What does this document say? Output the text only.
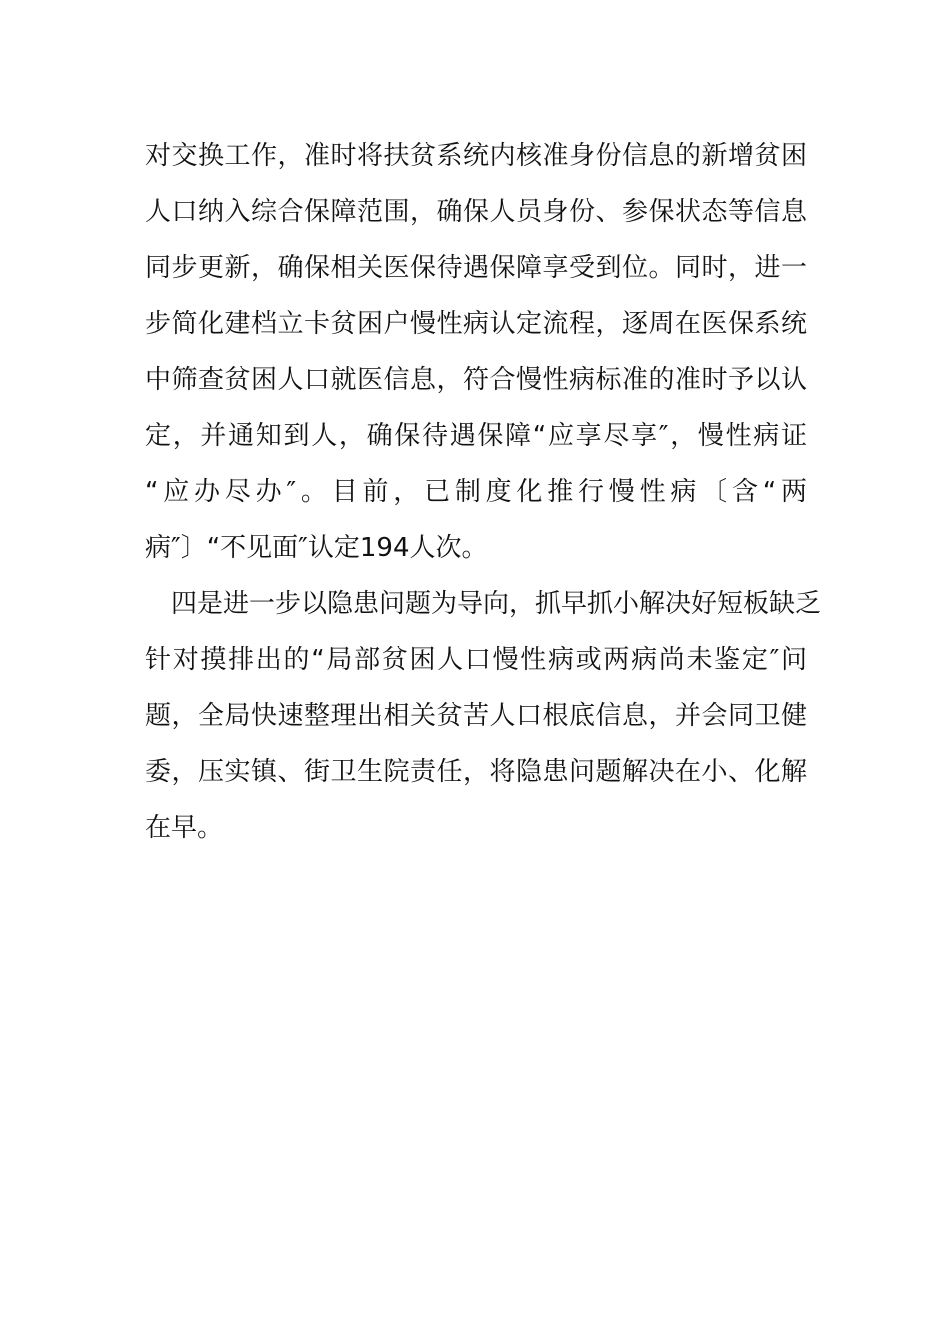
对交换工作，准时将扶贫系统内核准身份信息的新增贫困
人口纳入综合保障范围，确保人员身份、参保状态等信息
同步更新，确保相关医保待遇保障享受到位。同时，进一
步简化建档立卡贫困户慢性病认定流程，逐周在医保系统
中筛查贫困人口就医信息，符合慢性病标准的准时予以认
定，并通知到人，确保待遇保障“应享尽享″，慢性病证
“应办尽办″。目前，已制度化推行慢性病〔含“两
病″〕“不见面″认定194人次。
四是进一步以隐患问题为导向，抓早抓小解决好短板缺乏
针对摸排出的“局部贫困人口慢性病或两病尚未鉴定″问
题，全局快速整理出相关贫苦人口根底信息，并会同卫健
委，压实镇、街卫生院责任，将隐患问题解决在小、化解
在早。
